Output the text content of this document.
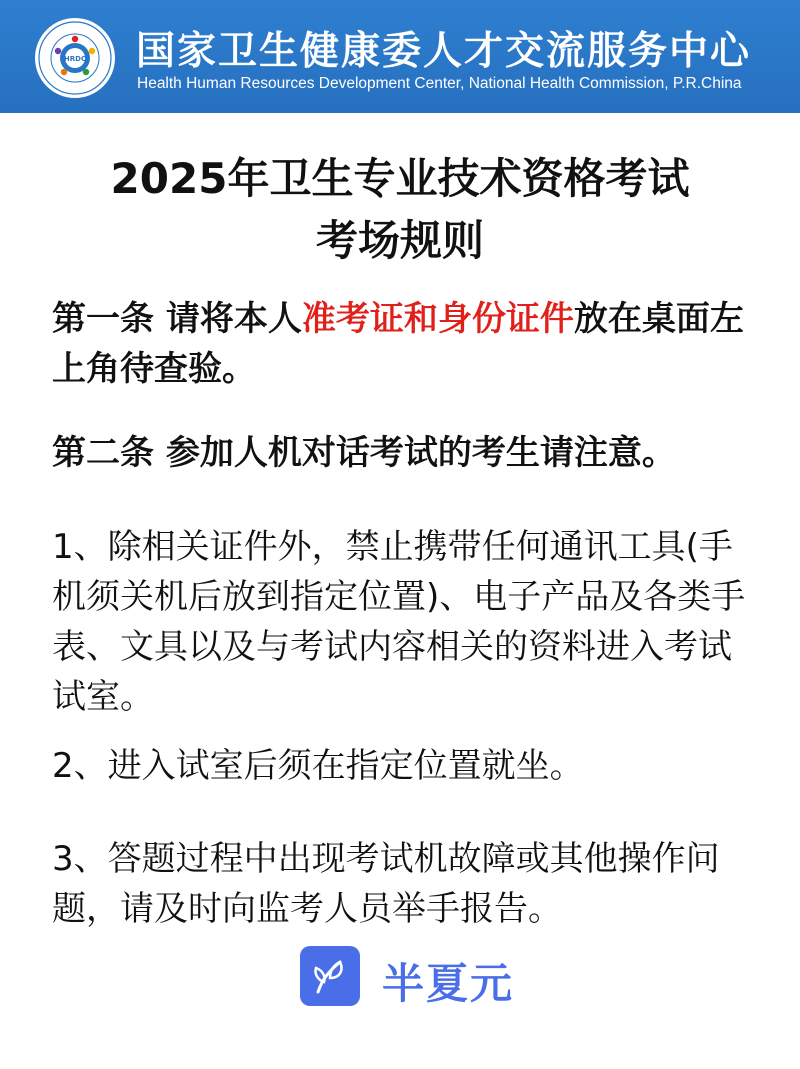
HRDC 国家卫生健康委人才交流服务中心
Health Human Resources Development Center, National Health Commission, P.R.China
2025年卫生专业技术资格考试
考场规则
第一条 请将本人准考证和身份证件放在桌面左上角待查验。
第二条 参加人机对话考试的考生请注意。
1、除相关证件外，禁止携带任何通讯工具(手机须关机后放到指定位置)、电子产品及各类手表、文具以及与考试内容相关的资料进入考试试室。
2、进入试室后须在指定位置就坐。
3、答题过程中出现考试机故障或其他操作问题，请及时向监考人员举手报告。
半夏元
